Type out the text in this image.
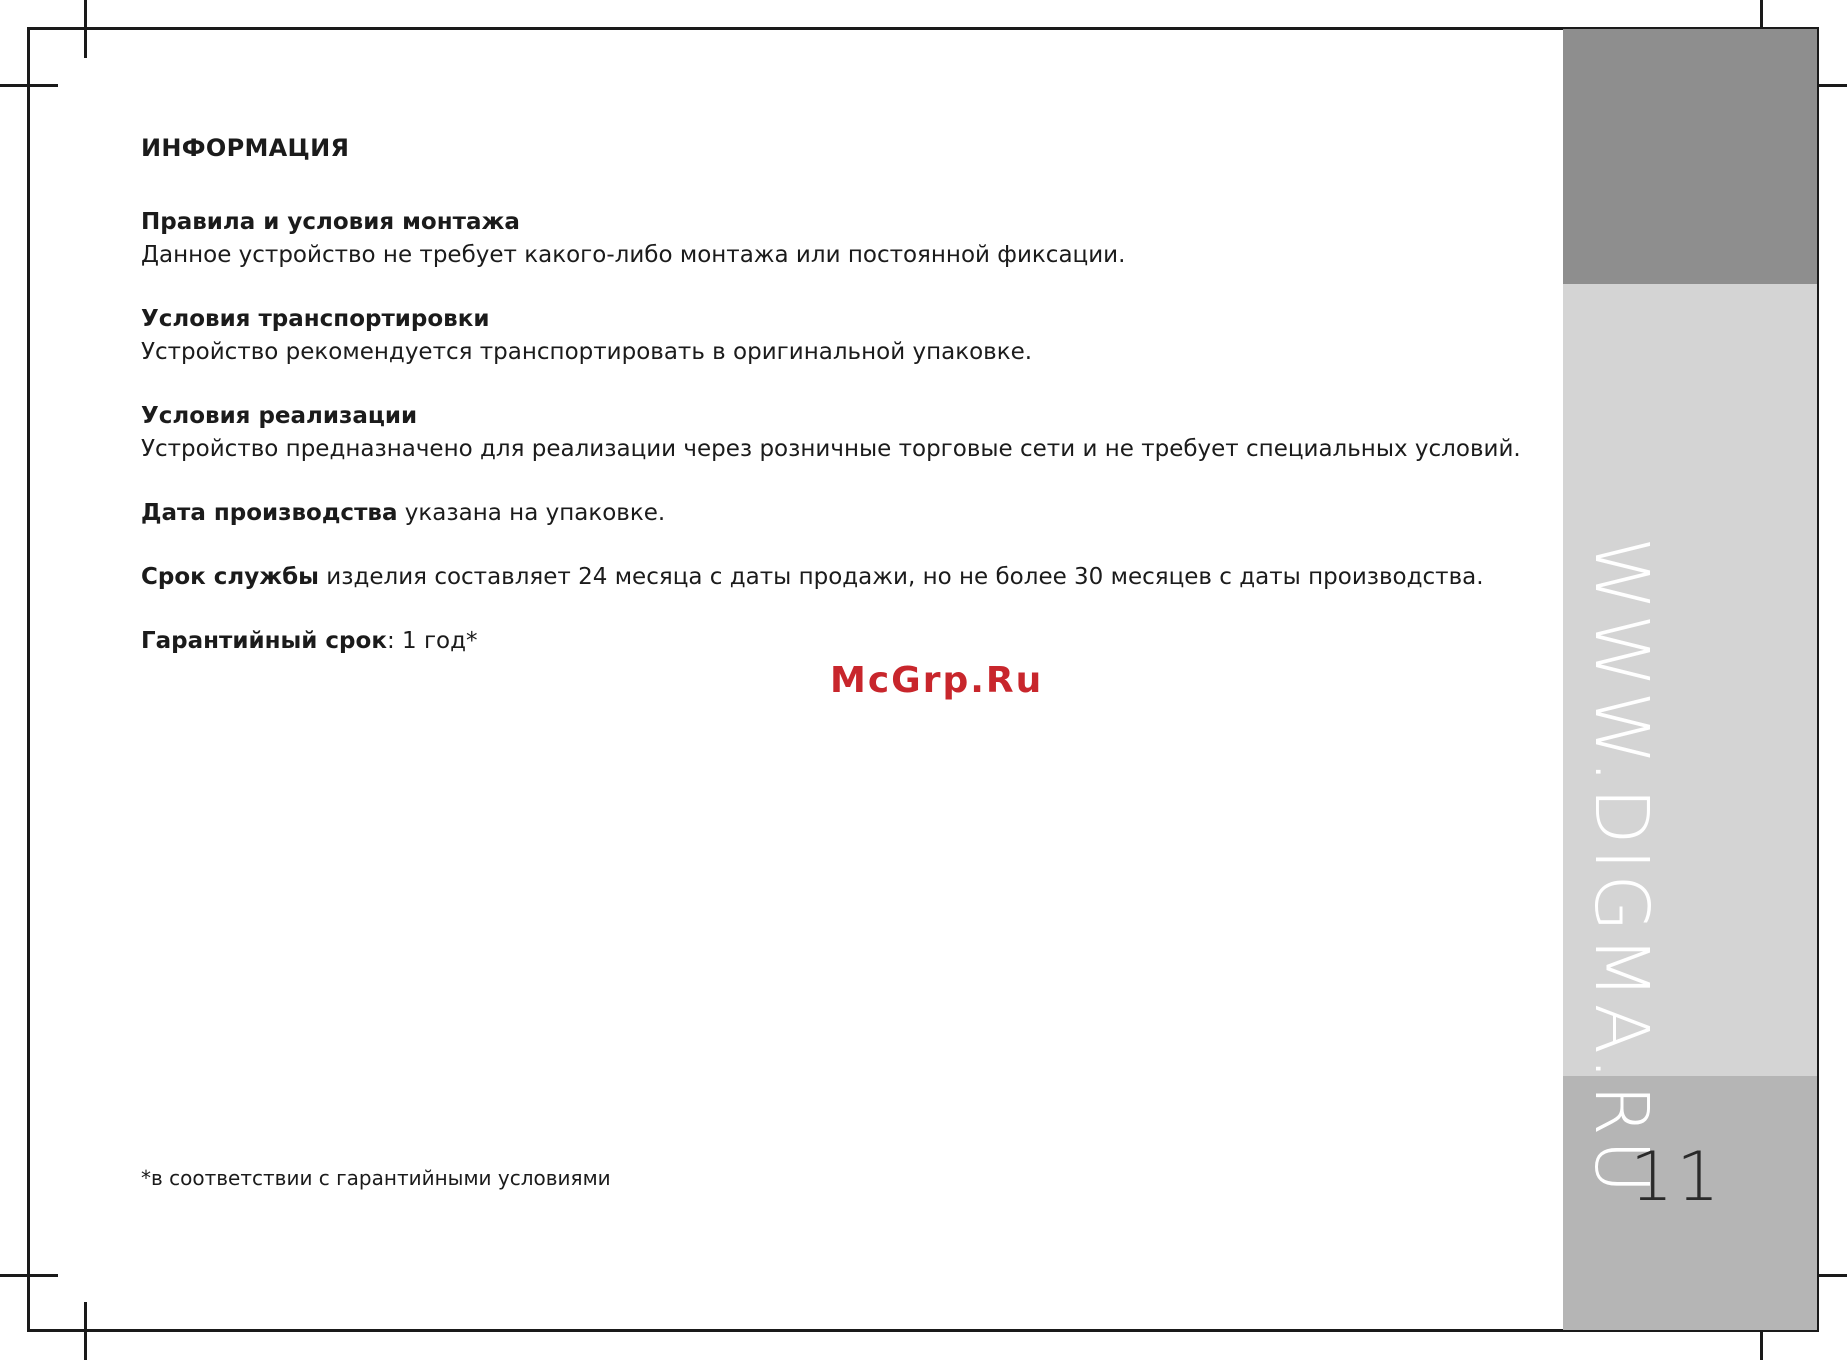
WWW.DIGMA.RU
11
ИНФОРМАЦИЯ
Правила и условия монтажа
Данное устройство не требует какого-либо монтажа или постоянной фиксации.
Условия транспортировки
Устройство рекомендуется транспортировать в оригинальной упаковке.
Условия реализации
Устройство предназначено для реализации через розничные торговые сети и не требует специальных условий.
Дата производства указана на упаковке.
Срок службы изделия составляет 24 месяца с даты продажи, но не более 30 месяцев с даты производства.
Гарантийный срок: 1 год*
McGrp.Ru
*в соответствии с гарантийными условиями
